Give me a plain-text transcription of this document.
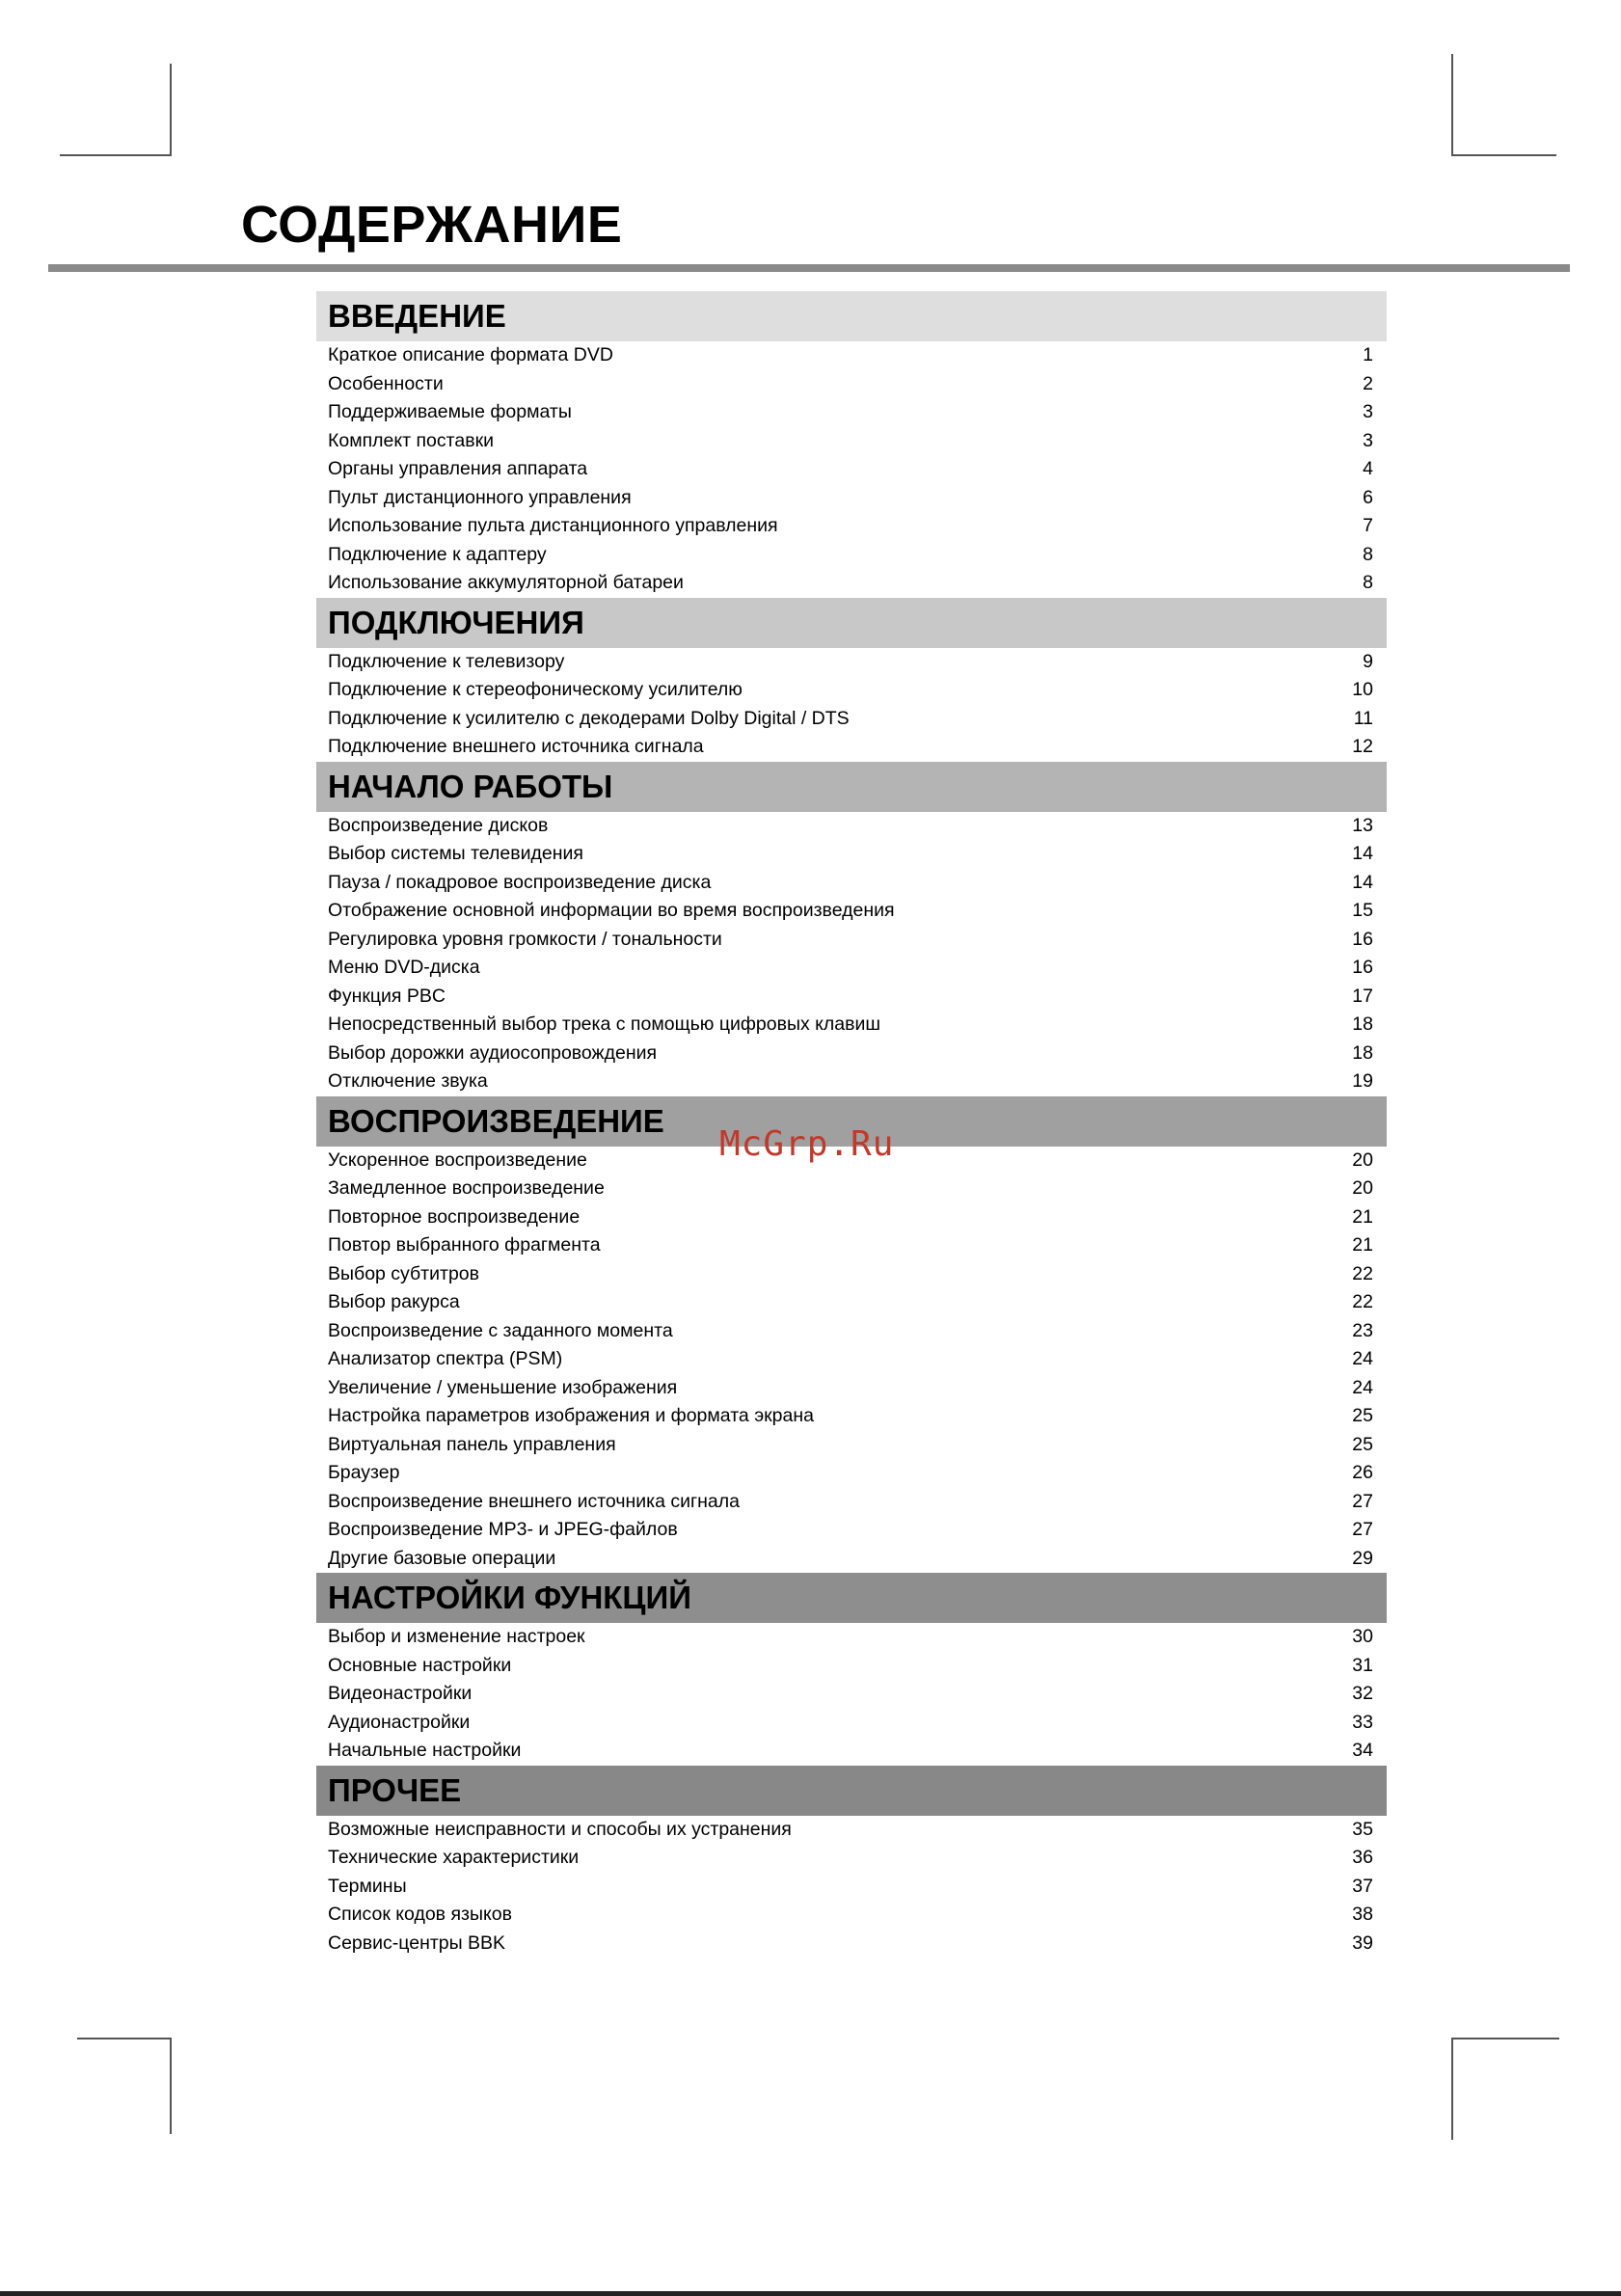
СОДЕРЖАНИЕ
ВВЕДЕНИЕ
Краткое описание формата DVD	1
Особенности	2
Поддерживаемые форматы	3
Комплект поставки	3
Органы управления аппарата	4
Пульт дистанционного управления	6
Использование пульта дистанционного управления	7
Подключение к адаптеру	8
Использование аккумуляторной батареи	8
ПОДКЛЮЧЕНИЯ
Подключение к телевизору	9
Подключение к стереофоническому усилителю	10
Подключение к усилителю с декодерами Dolby Digital / DTS	11
Подключение внешнего источника сигнала	12
НАЧАЛО РАБОТЫ
Воспроизведение дисков	13
Выбор системы телевидения	14
Пауза / покадровое воспроизведение диска	14
Отображение основной информации во время воспроизведения	15
Регулировка уровня громкости / тональности	16
Меню DVD-диска	16
Функция PBC	17
Непосредственный выбор трека с помощью цифровых клавиш	18
Выбор дорожки аудиосопровождения	18
Отключение звука	19
ВОСПРОИЗВЕДЕНИЕ
Ускоренное воспроизведение	20
Замедленное воспроизведение	20
Повторное воспроизведение	21
Повтор выбранного фрагмента	21
Выбор субтитров	22
Выбор ракурса	22
Воспроизведение с заданного момента	23
Анализатор спектра (PSM)	24
Увеличение / уменьшение изображения	24
Настройка параметров изображения и формата экрана	25
Виртуальная панель управления	25
Браузер	26
Воспроизведение внешнего источника сигнала	27
Воспроизведение MP3- и JPEG-файлов	27
Другие базовые операции	29
НАСТРОЙКИ ФУНКЦИЙ
Выбор и изменение настроек	30
Основные настройки	31
Видеонастройки	32
Аудионастройки	33
Начальные настройки	34
ПРОЧЕЕ
Возможные неисправности и способы их устранения	35
Технические характеристики	36
Термины	37
Список кодов языков	38
Сервис-центры BBK	39
McGrp.Ru
